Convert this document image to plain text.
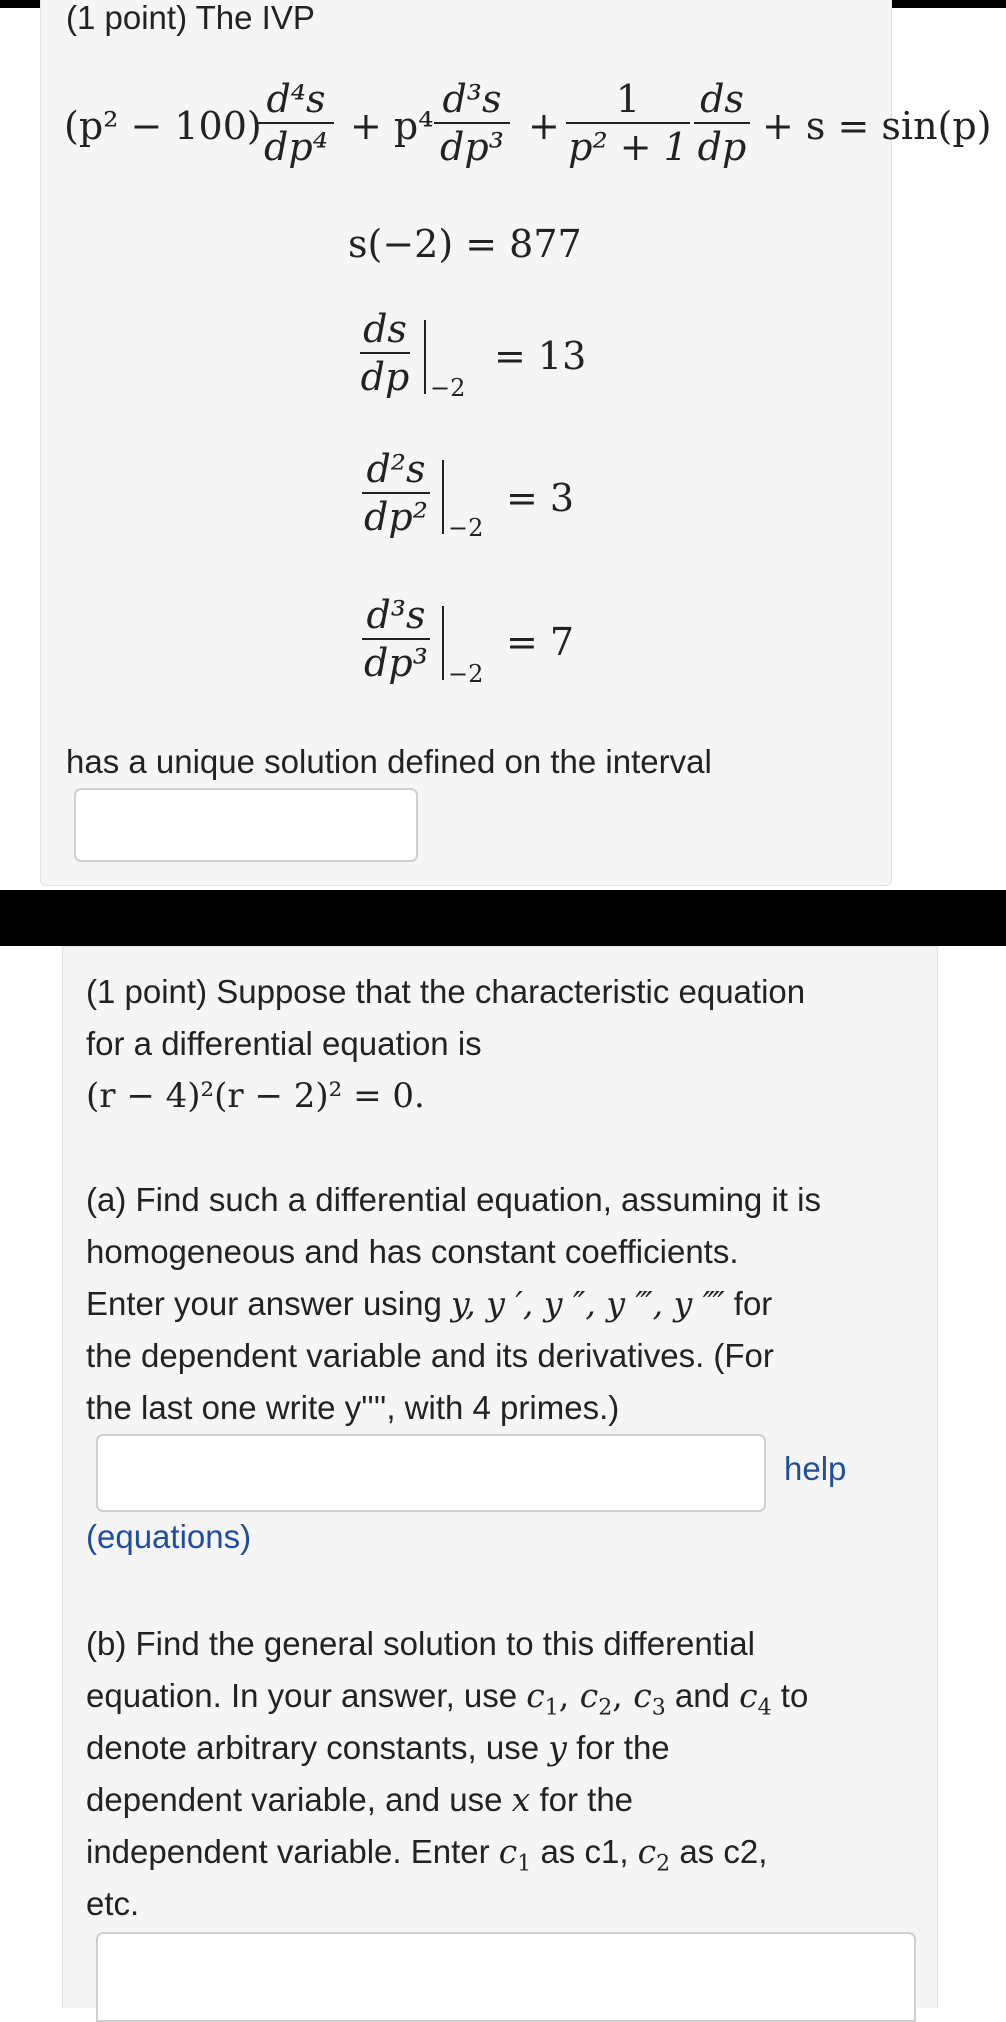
(1 point) The IVP
(p² − 100)
$\frac{\text{d⁴s}}{\text{dp⁴}} + p^4 \frac{\text{d³s}}{\text{dp³}} + \frac{1}{\text{p² + 1}} \frac{ds}{dp} + s = \sin(p)$
s(−2) = 877
$\frac{ds}{dp} -2$
= 13
$\frac{\text{d²s}}{\text{dp²}} -2$
= 3
$\frac{\text{d³s}}{\text{dp³}} -2$
= 7
has a unique solution defined on the interval
(1 point) Suppose that the characteristic equation
for a differential equation is
(r − 4)²(r − 2)² = 0.
(a) Find such a differential equation, assuming it is
homogeneous and has constant coefficients.
Enter your answer using y, y ′, y ″, y ‴, y ⁗ for
the dependent variable and its derivatives. (For
the last one write y'''', with 4 primes.)
help
(equations)
(b) Find the general solution to this differential
equation. In your answer, use $c_1$, $c_2$, $c_3$ and $c_4$ to
denote arbitrary constants, use y for the
dependent variable, and use x for the
independent variable. Enter $c_1$ as c1, $c_2$ as c2,
etc.
